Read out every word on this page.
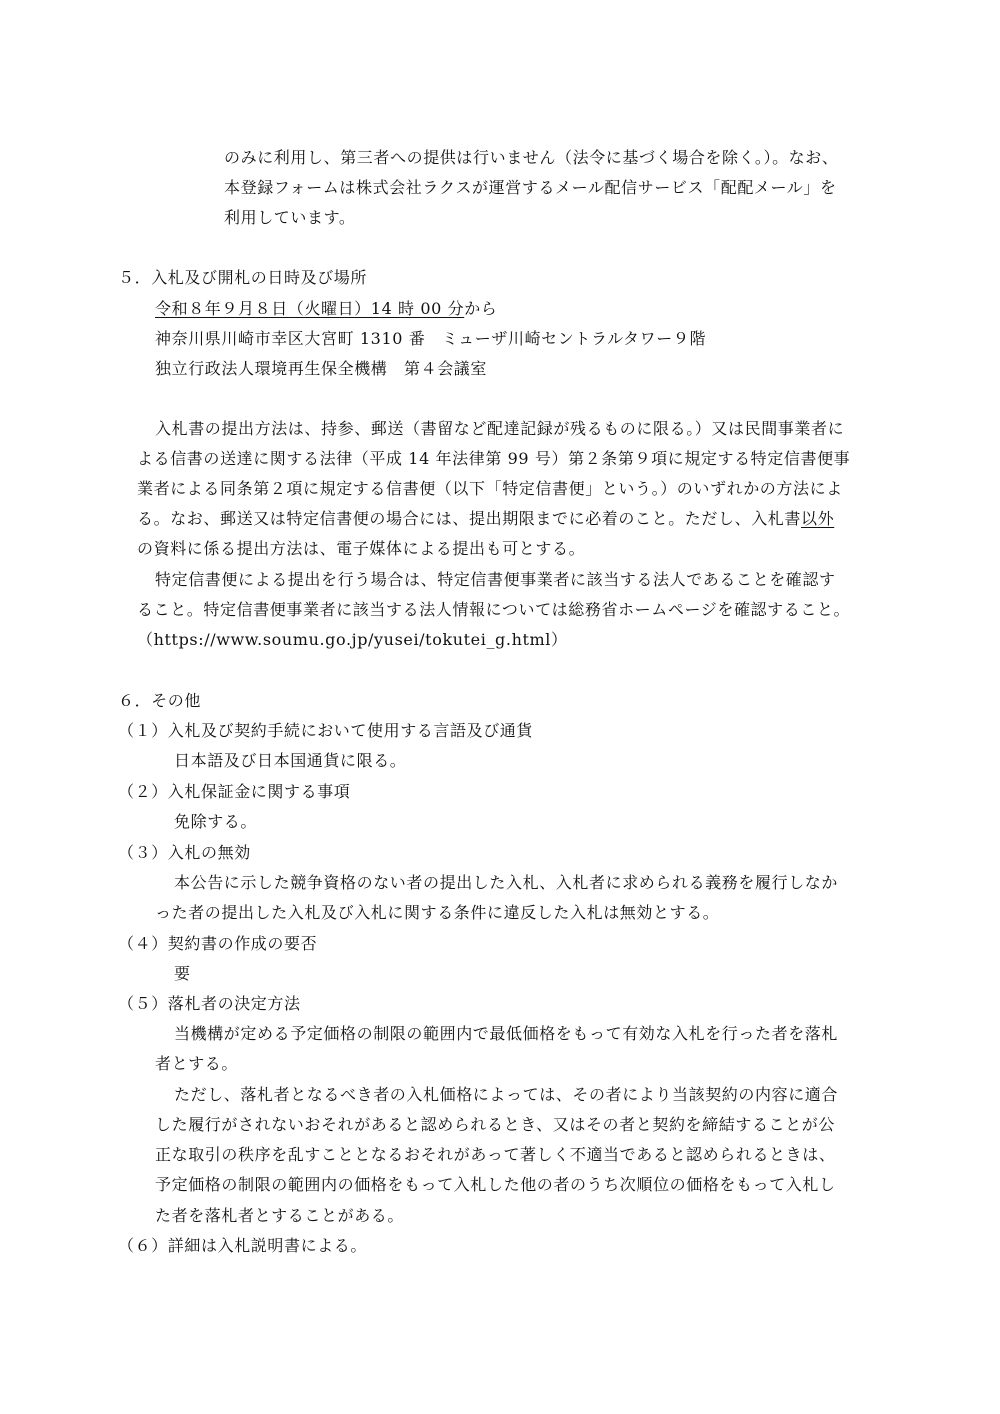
のみに利用し、第三者への提供は行いません（法令に基づく場合を除く。）。なお、
本登録フォームは株式会社ラクスが運営するメール配信サービス「配配メール」を
利用しています。
５．入札及び開札の日時及び場所
令和８年９月８日（火曜日）14 時 00 分から
神奈川県川崎市幸区大宮町 1310 番　ミューザ川崎セントラルタワー９階
独立行政法人環境再生保全機構　第４会議室
入札書の提出方法は、持参、郵送（書留など配達記録が残るものに限る。）又は民間事業者に
よる信書の送達に関する法律（平成 14 年法律第 99 号）第２条第９項に規定する特定信書便事
業者による同条第２項に規定する信書便（以下「特定信書便」という。）のいずれかの方法によ
る。なお、郵送又は特定信書便の場合には、提出期限までに必着のこと。ただし、入札書以外
の資料に係る提出方法は、電子媒体による提出も可とする。
特定信書便による提出を行う場合は、特定信書便事業者に該当する法人であることを確認す
ること。特定信書便事業者に該当する法人情報については総務省ホームページを確認すること。
（https://www.soumu.go.jp/yusei/tokutei_g.html）
６．その他
（１）入札及び契約手続において使用する言語及び通貨
日本語及び日本国通貨に限る。
（２）入札保証金に関する事項
免除する。
（３）入札の無効
本公告に示した競争資格のない者の提出した入札、入札者に求められる義務を履行しなか
った者の提出した入札及び入札に関する条件に違反した入札は無効とする。
（４）契約書の作成の要否
要
（５）落札者の決定方法
当機構が定める予定価格の制限の範囲内で最低価格をもって有効な入札を行った者を落札
者とする。
ただし、落札者となるべき者の入札価格によっては、その者により当該契約の内容に適合
した履行がされないおそれがあると認められるとき、又はその者と契約を締結することが公
正な取引の秩序を乱すこととなるおそれがあって著しく不適当であると認められるときは、
予定価格の制限の範囲内の価格をもって入札した他の者のうち次順位の価格をもって入札し
た者を落札者とすることがある。
（６）詳細は入札説明書による。
